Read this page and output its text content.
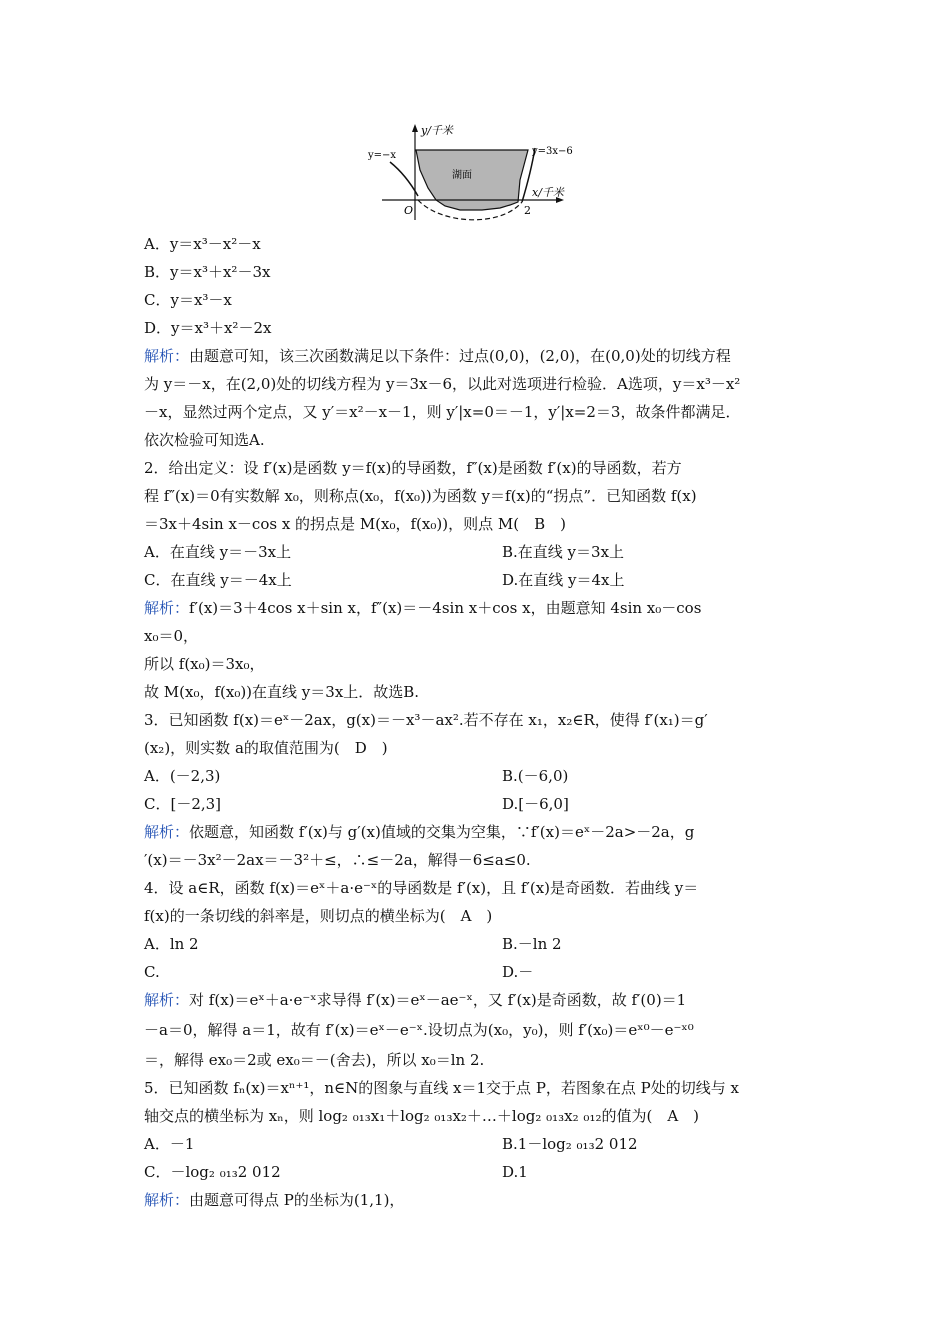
y/千米
y=−x	y=3x−6
湖面
x/千米
O	2
A．y＝x³－x²－x
B．y＝x³＋x²－3x
C．y＝x³－x
D．y＝x³＋x²－2x
解析：由题意可知，该三次函数满足以下条件：过点(0,0)，(2,0)，在(0,0)处的切线方程
为 y＝－x，在(2,0)处的切线方程为 y＝3x－6，以此对选项进行检验．A选项，y＝x³－x²
－x，显然过两个定点，又 y′＝x²－x－1，则 y′|x=0＝－1，y′|x=2＝3，故条件都满足．
依次检验可知选A.
2．给出定义：设 f′(x)是函数 y＝f(x)的导函数，f″(x)是函数 f′(x)的导函数，若方
程 f″(x)＝0有实数解 x₀，则称点(x₀，f(x₀))为函数 y＝f(x)的“拐点”．已知函数 f(x)
＝3x＋4sin x－cos x 的拐点是 M(x₀，f(x₀))，则点 M(　B　)
A．在直线 y＝－3x上	B.在直线 y＝3x上
C．在直线 y＝－4x上	D.在直线 y＝4x上
解析：f′(x)＝3＋4cos x＋sin x，f″(x)＝－4sin x＋cos x，由题意知 4sin x₀－cos
x₀＝0，
所以 f(x₀)＝3x₀，
故 M(x₀，f(x₀))在直线 y＝3x上．故选B.
3．已知函数 f(x)＝eˣ－2ax，g(x)＝－x³－ax².若不存在 x₁，x₂∈R，使得 f′(x₁)＝g′
(x₂)，则实数 a的取值范围为(　D　)
A．(－2,3)	B.(－6,0)
C．[－2,3]	D.[－6,0]
解析：依题意，知函数 f′(x)与 g′(x)值域的交集为空集，∵f′(x)＝eˣ－2a>－2a，g
′(x)＝－3x²－2ax＝－3²＋≤，∴≤－2a，解得－6≤a≤0.
4．设 a∈R，函数 f(x)＝eˣ＋a·e⁻ˣ的导函数是 f′(x)，且 f′(x)是奇函数．若曲线 y＝
f(x)的一条切线的斜率是，则切点的横坐标为(　A　)
A．ln 2	B.－ln 2
C.	D.－
解析：对 f(x)＝eˣ＋a·e⁻ˣ求导得 f′(x)＝eˣ－ae⁻ˣ，又 f′(x)是奇函数，故 f′(0)＝1
－a＝0，解得 a＝1，故有 f′(x)＝eˣ－e⁻ˣ.设切点为(x₀，y₀)，则 f′(x₀)＝eˣ⁰－e⁻ˣ⁰
＝，解得 ex₀＝2或 ex₀＝－(舍去)，所以 x₀＝ln 2.
5．已知函数 fₙ(x)＝xⁿ⁺¹，n∈N的图象与直线 x＝1交于点 P，若图象在点 P处的切线与 x
轴交点的横坐标为 xₙ，则 log₂ ₀₁₃x₁＋log₂ ₀₁₃x₂＋…＋log₂ ₀₁₃x₂ ₀₁₂的值为(　A　)
A．－1	B.1－log₂ ₀₁₃2 012
C．－log₂ ₀₁₃2 012	D.1
解析：由题意可得点 P的坐标为(1,1)，
